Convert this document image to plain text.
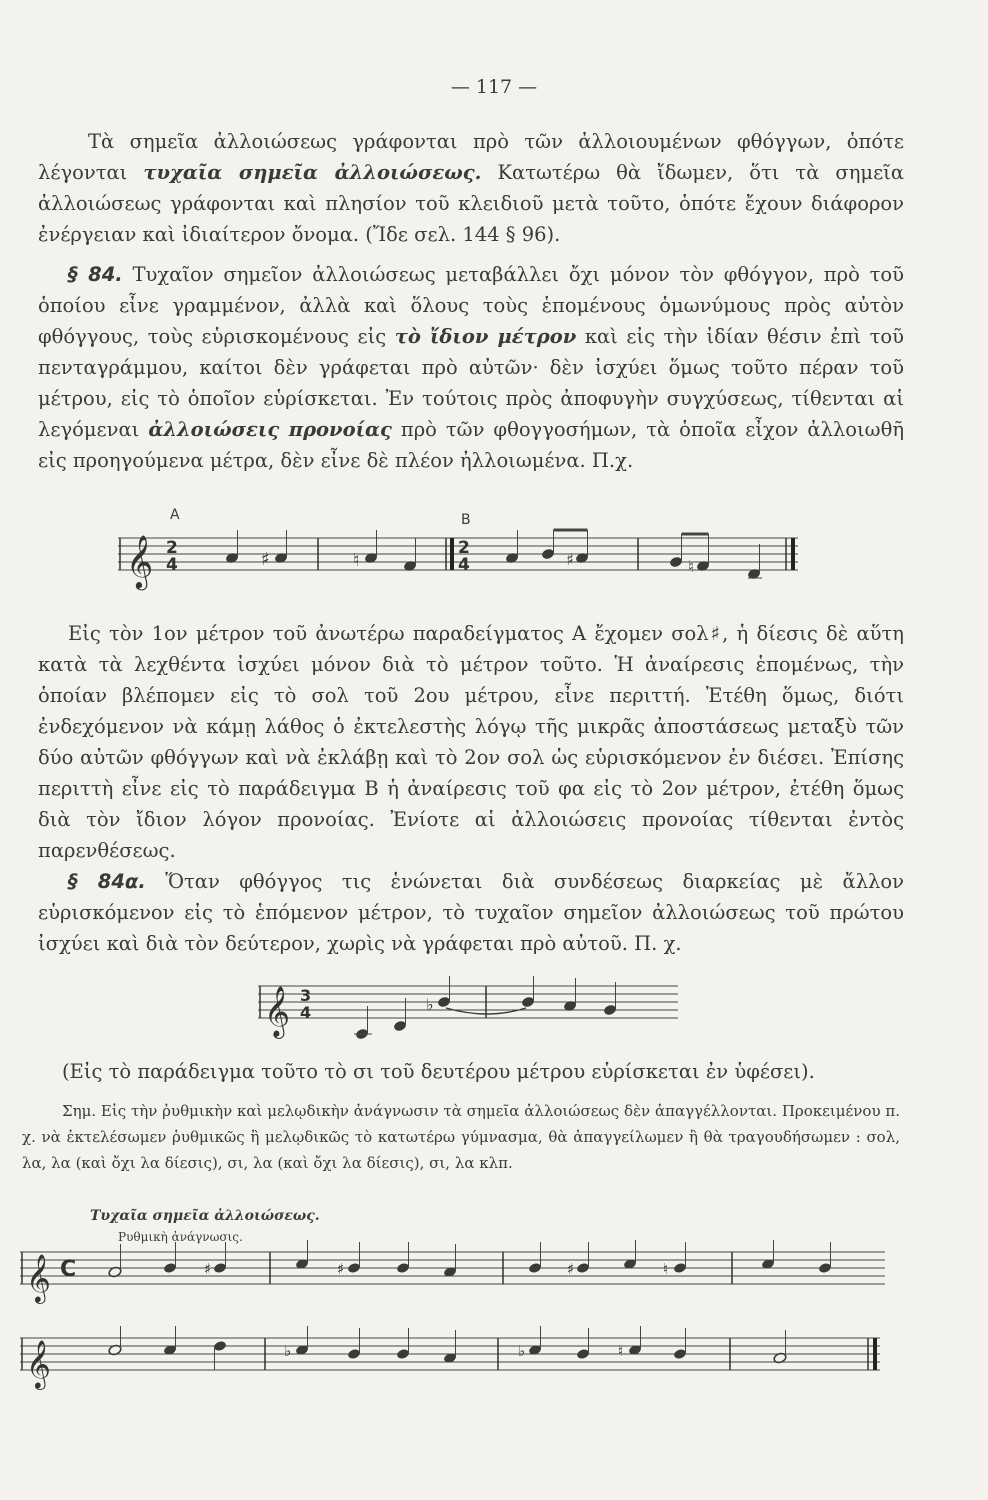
— 117 —
Τὰ σημεῖα ἀλλοιώσεως γράφονται πρὸ τῶν ἀλλοιουμένων φθόγγων, ὁπότε λέγονται τυχαῖα σημεῖα ἀλλοιώσεως. Κατωτέρω θὰ ἴδωμεν, ὅτι τὰ σημεῖα ἀλλοιώσεως γράφονται καὶ πλησίον τοῦ κλειδιοῦ μετὰ τοῦτο, ὁπότε ἔχουν διάφορον ἐνέργειαν καὶ ἰδιαίτερον ὄνομα. (Ἴδε σελ. 144 § 96).
§ 84. Τυχαῖον σημεῖον ἀλλοιώσεως μεταβάλλει ὄχι μόνον τὸν φθόγγον, πρὸ τοῦ ὁποίου εἶνε γραμμένον, ἀλλὰ καὶ ὅλους τοὺς ἑπομένους ὁμωνύμους πρὸς αὐτὸν φθόγγους, τοὺς εὑρισκομένους εἰς τὸ ἴδιον μέτρον καὶ εἰς τὴν ἰδίαν θέσιν ἐπὶ τοῦ πενταγράμμου, καίτοι δὲν γράφεται πρὸ αὐτῶν· δὲν ἰσχύει ὅμως τοῦτο πέραν τοῦ μέτρου, εἰς τὸ ὁποῖον εὑρίσκεται. Ἐν τούτοις πρὸς ἀποφυγὴν συγχύσεως, τίθενται αἱ λεγόμεναι ἀλλοιώσεις προνοίας πρὸ τῶν φθογγοσήμων, τὰ ὁποῖα εἶχον ἀλλοιωθῆ εἰς προηγούμενα μέτρα, δὲν εἶνε δὲ πλέον ἠλλοιωμένα. Π.χ.
A	B
𝄞 2
4	♯	♮
2
4	♯	♮
Εἰς τὸν 1ον μέτρον τοῦ ἀνωτέρω παραδείγματος Α ἔχομεν σολ♯, ἡ δίεσις δὲ αὕτη κατὰ τὰ λεχθέντα ἰσχύει μόνον διὰ τὸ μέτρον τοῦτο. Ἡ ἀναίρεσις ἑπομένως, τὴν ὁποίαν βλέπομεν εἰς τὸ σολ τοῦ 2ου μέτρου, εἶνε περιττή. Ἐτέθη ὅμως, διότι ἐνδεχόμενον νὰ κάμῃ λάθος ὁ ἐκτελεστὴς λόγῳ τῆς μικρᾶς ἀποστάσεως μεταξὺ τῶν δύο αὐτῶν φθόγγων καὶ νὰ ἐκλάβῃ καὶ τὸ 2ον σολ ὡς εὑρισκόμενον ἐν διέσει. Ἐπίσης περιττὴ εἶνε εἰς τὸ παράδειγμα Β ἡ ἀναίρεσις τοῦ φα εἰς τὸ 2ον μέτρον, ἐτέθη ὅμως διὰ τὸν ἴδιον λόγον προνοίας. Ἐνίοτε αἱ ἀλλοιώσεις προνοίας τίθενται ἐντὸς παρενθέσεως.
§ 84α. Ὅταν φθόγγος τις ἑνώνεται διὰ συνδέσεως διαρκείας μὲ ἄλλον εὑρισκόμενον εἰς τὸ ἑπόμενον μέτρον, τὸ τυχαῖον σημεῖον ἀλλοιώσεως τοῦ πρώτου ἰσχύει καὶ διὰ τὸν δεύτερον, χωρὶς νὰ γράφεται πρὸ αὐτοῦ. Π. χ.
𝄞 3
4	♭
(Εἰς τὸ παράδειγμα τοῦτο τὸ σι τοῦ δευτέρου μέτρου εὑρίσκεται ἐν ὑφέσει).
Σημ. Εἰς τὴν ῥυθμικὴν καὶ μελῳδικὴν ἀνάγνωσιν τὰ σημεῖα ἀλλοιώσεως δὲν ἀπαγγέλλονται. Προκειμένου π. χ. νὰ ἐκτελέσωμεν ῥυθμικῶς ἢ μελῳδικῶς τὸ κατωτέρω γύμνασμα, θὰ ἀπαγγείλωμεν ἢ θὰ τραγουδήσωμεν : σολ, λα, λα (καὶ ὄχι λα δίεσις), σι, λα (καὶ ὄχι λα δίεσις), σι, λα κλπ.
Τυχαῖα σημεῖα ἀλλοιώσεως.
Ρυθμικὴ ἀνάγνωσις.
𝄞 C	♯	♯	♯	♮
𝄞	♭	♭	♮
